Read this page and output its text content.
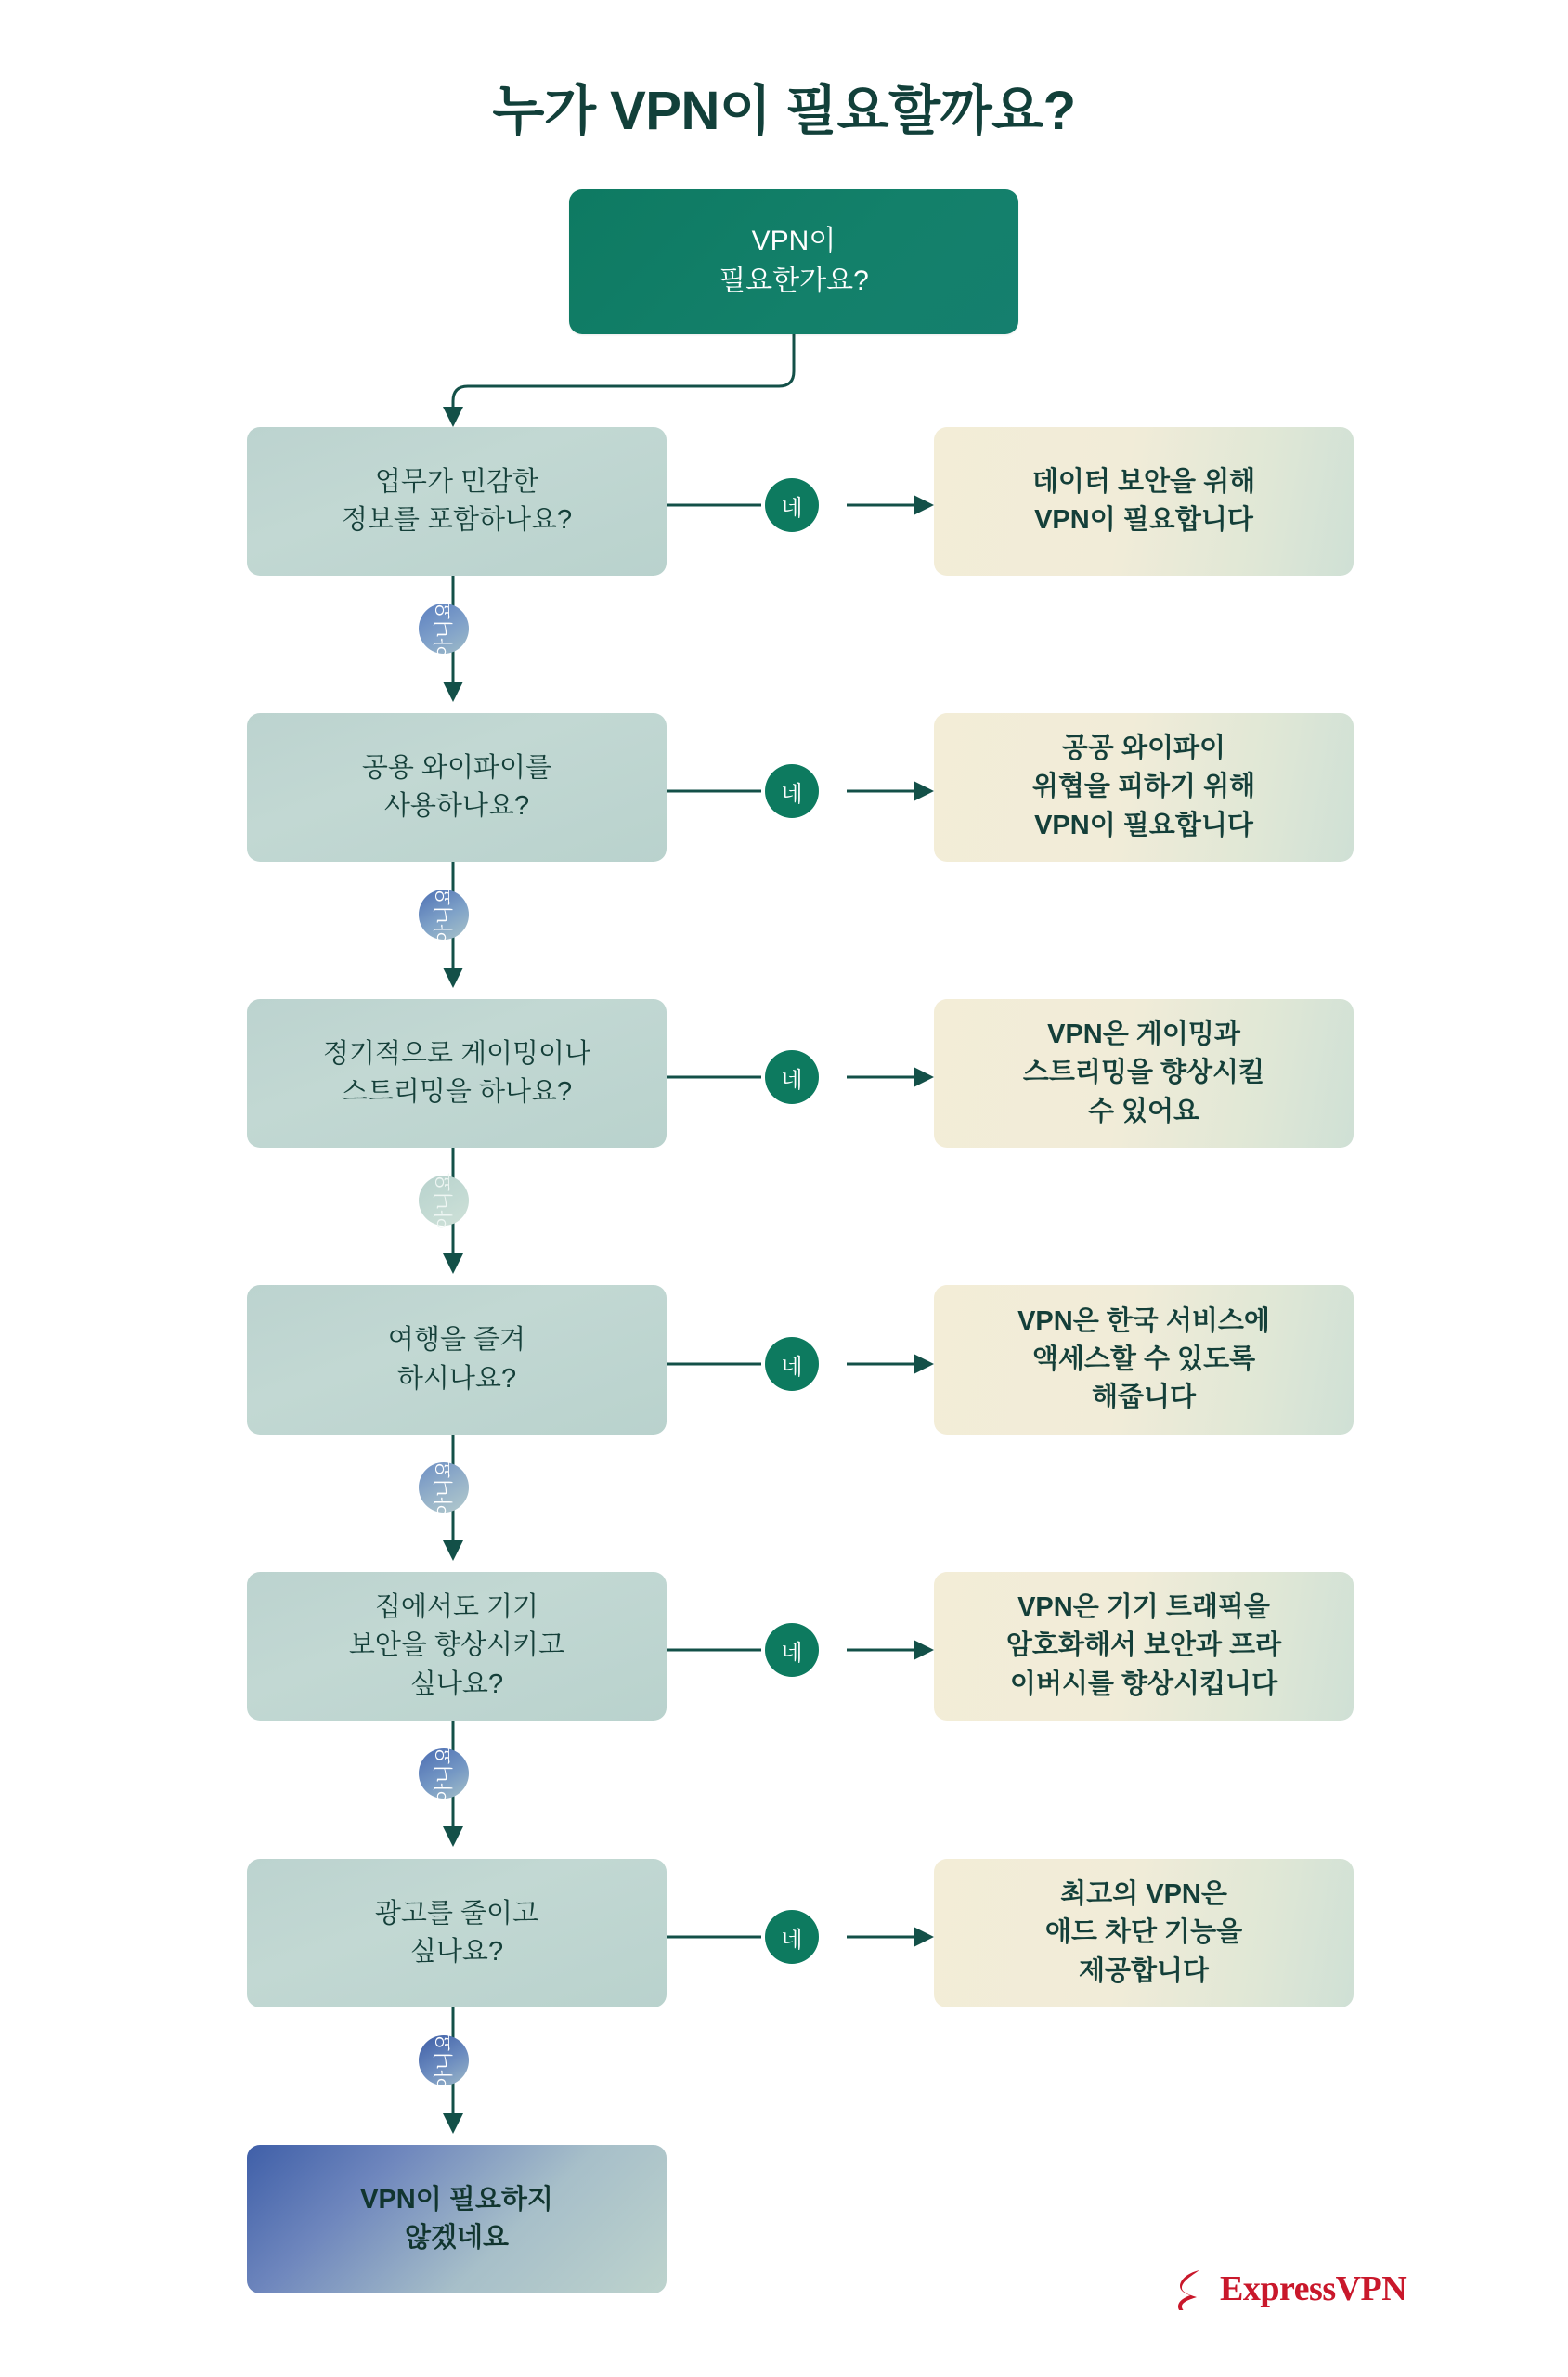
누가 VPN이 필요할까요?
VPN이
필요한가요?
업무가 민감한
정보를 포함하나요?	네
데이터 보안을 위해
VPN이 필요합니다
아니요
공용 와이파이를
사용하나요?	네
공공 와이파이
위협을 피하기 위해
VPN이 필요합니다
아니요
정기적으로 게이밍이나
스트리밍을 하나요?	네
VPN은 게이밍과
스트리밍을 향상시킬
수 있어요
아니요
여행을 즐겨
하시나요?	네
VPN은 한국 서비스에
액세스할 수 있도록
해줍니다
아니요
집에서도 기기
보안을 향상시키고
싶나요?
네
VPN은 기기 트래픽을
암호화해서 보안과 프라
이버시를 향상시킵니다
아니요
광고를 줄이고
싶나요?	네
최고의 VPN은
애드 차단 기능을
제공합니다
아니요
VPN이 필요하지
않겠네요
ExpressVPN
